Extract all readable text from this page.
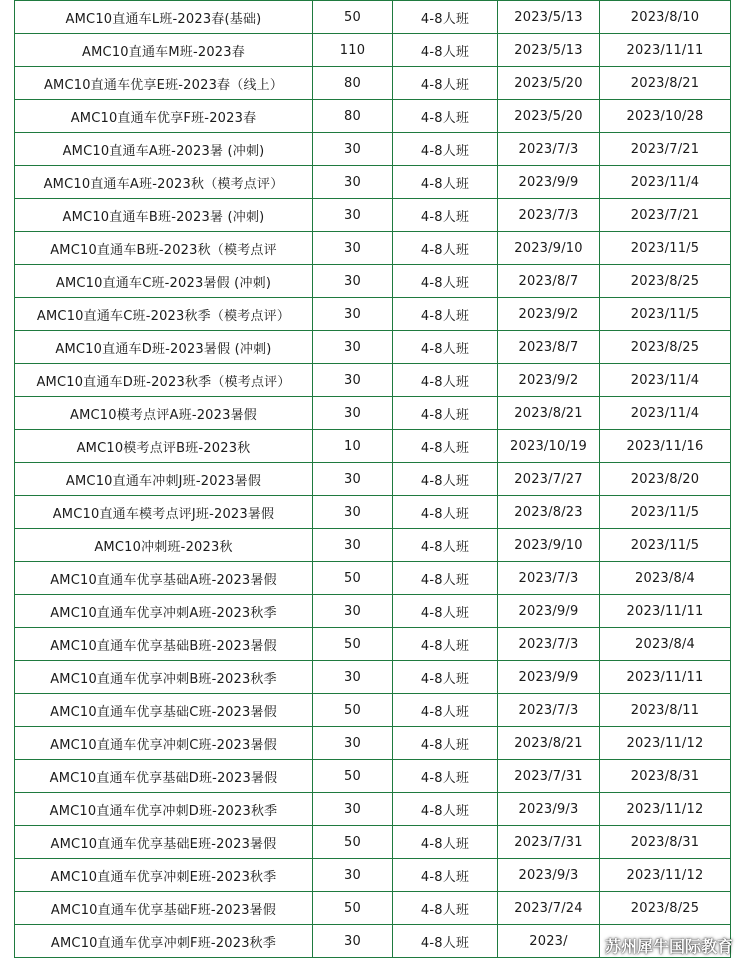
AMC10直通车L班-2023春(基础)	50	4-8人班	2023/5/13	2023/8/10
AMC10直通车M班-2023春	110	4-8人班	2023/5/13	2023/11/11
AMC10直通车优享E班-2023春（线上）	80	4-8人班	2023/5/20	2023/8/21
AMC10直通车优享F班-2023春	80	4-8人班	2023/5/20	2023/10/28
AMC10直通车A班-2023暑 (冲刺)	30	4-8人班	2023/7/3	2023/7/21
AMC10直通车A班-2023秋（模考点评）	30	4-8人班	2023/9/9	2023/11/4
AMC10直通车B班-2023暑 (冲刺)	30	4-8人班	2023/7/3	2023/7/21
AMC10直通车B班-2023秋（模考点评	30	4-8人班	2023/9/10	2023/11/5
AMC10直通车C班-2023暑假 (冲刺)	30	4-8人班	2023/8/7	2023/8/25
AMC10直通车C班-2023秋季（模考点评）	30	4-8人班	2023/9/2	2023/11/5
AMC10直通车D班-2023暑假 (冲刺)	30	4-8人班	2023/8/7	2023/8/25
AMC10直通车D班-2023秋季（模考点评）	30	4-8人班	2023/9/2	2023/11/4
AMC10模考点评A班-2023暑假	30	4-8人班	2023/8/21	2023/11/4
AMC10模考点评B班-2023秋	10	4-8人班	2023/10/19	2023/11/16
AMC10直通车冲刺J班-2023暑假	30	4-8人班	2023/7/27	2023/8/20
AMC10直通车模考点评J班-2023暑假	30	4-8人班	2023/8/23	2023/11/5
AMC10冲刺班-2023秋	30	4-8人班	2023/9/10	2023/11/5
AMC10直通车优享基础A班-2023暑假	50	4-8人班	2023/7/3	2023/8/4
AMC10直通车优享冲刺A班-2023秋季	30	4-8人班	2023/9/9	2023/11/11
AMC10直通车优享基础B班-2023暑假	50	4-8人班	2023/7/3	2023/8/4
AMC10直通车优享冲刺B班-2023秋季	30	4-8人班	2023/9/9	2023/11/11
AMC10直通车优享基础C班-2023暑假	50	4-8人班	2023/7/3	2023/8/11
AMC10直通车优享冲刺C班-2023暑假	30	4-8人班	2023/8/21	2023/11/12
AMC10直通车优享基础D班-2023暑假	50	4-8人班	2023/7/31	2023/8/31
AMC10直通车优享冲刺D班-2023秋季	30	4-8人班	2023/9/3	2023/11/12
AMC10直通车优享基础E班-2023暑假	50	4-8人班	2023/7/31	2023/8/31
AMC10直通车优享冲刺E班-2023秋季	30	4-8人班	2023/9/3	2023/11/12
AMC10直通车优享基础F班-2023暑假	50	4-8人班	2023/7/24	2023/8/25
AMC10直通车优享冲刺F班-2023秋季	30	4-8人班	2023/	苏州犀牛国际教育
